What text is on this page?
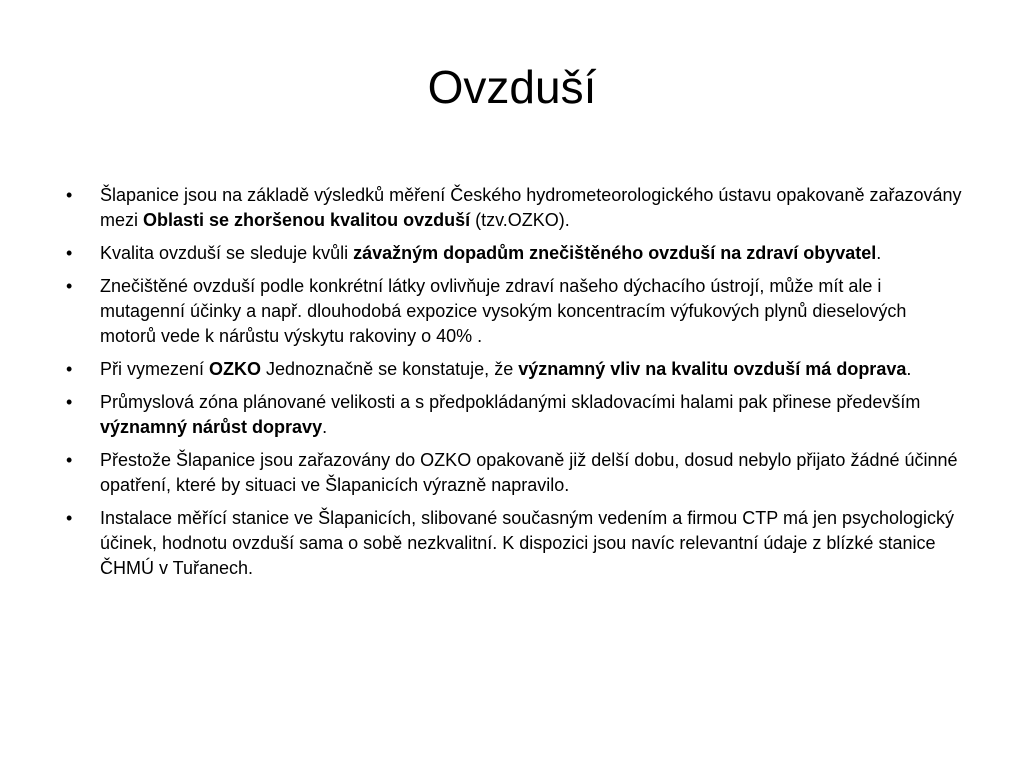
Ovzduší
•	Šlapanice jsou na základě výsledků měření Českého hydrometeorologického ústavu opakovaně zařazovány mezi Oblasti se zhoršenou kvalitou ovzduší (tzv.OZKO).
•	Kvalita ovzduší se sleduje kvůli závažným dopadům znečištěného ovzduší na zdraví obyvatel.
•	Znečištěné ovzduší podle konkrétní látky ovlivňuje zdraví našeho dýchacího ústrojí, může mít ale i mutagenní účinky a např. dlouhodobá expozice vysokým koncentracím výfukových plynů dieselových motorů vede k nárůstu výskytu rakoviny o 40% .
•	Při vymezení OZKO Jednoznačně se konstatuje, že významný vliv na kvalitu ovzduší má doprava.
•	Průmyslová zóna plánované velikosti a s předpokládanými skladovacími halami pak přinese především významný nárůst dopravy.
•	Přestože Šlapanice jsou zařazovány do OZKO opakovaně již delší dobu, dosud nebylo přijato žádné účinné opatření, které by situaci ve Šlapanicích výrazně napravilo.
•	Instalace měřící stanice ve Šlapanicích, slibované současným vedením a firmou CTP má jen psychologický účinek, hodnotu ovzduší sama o sobě nezkvalitní. K dispozici jsou navíc relevantní údaje z blízké stanice ČHMÚ v Tuřanech.
